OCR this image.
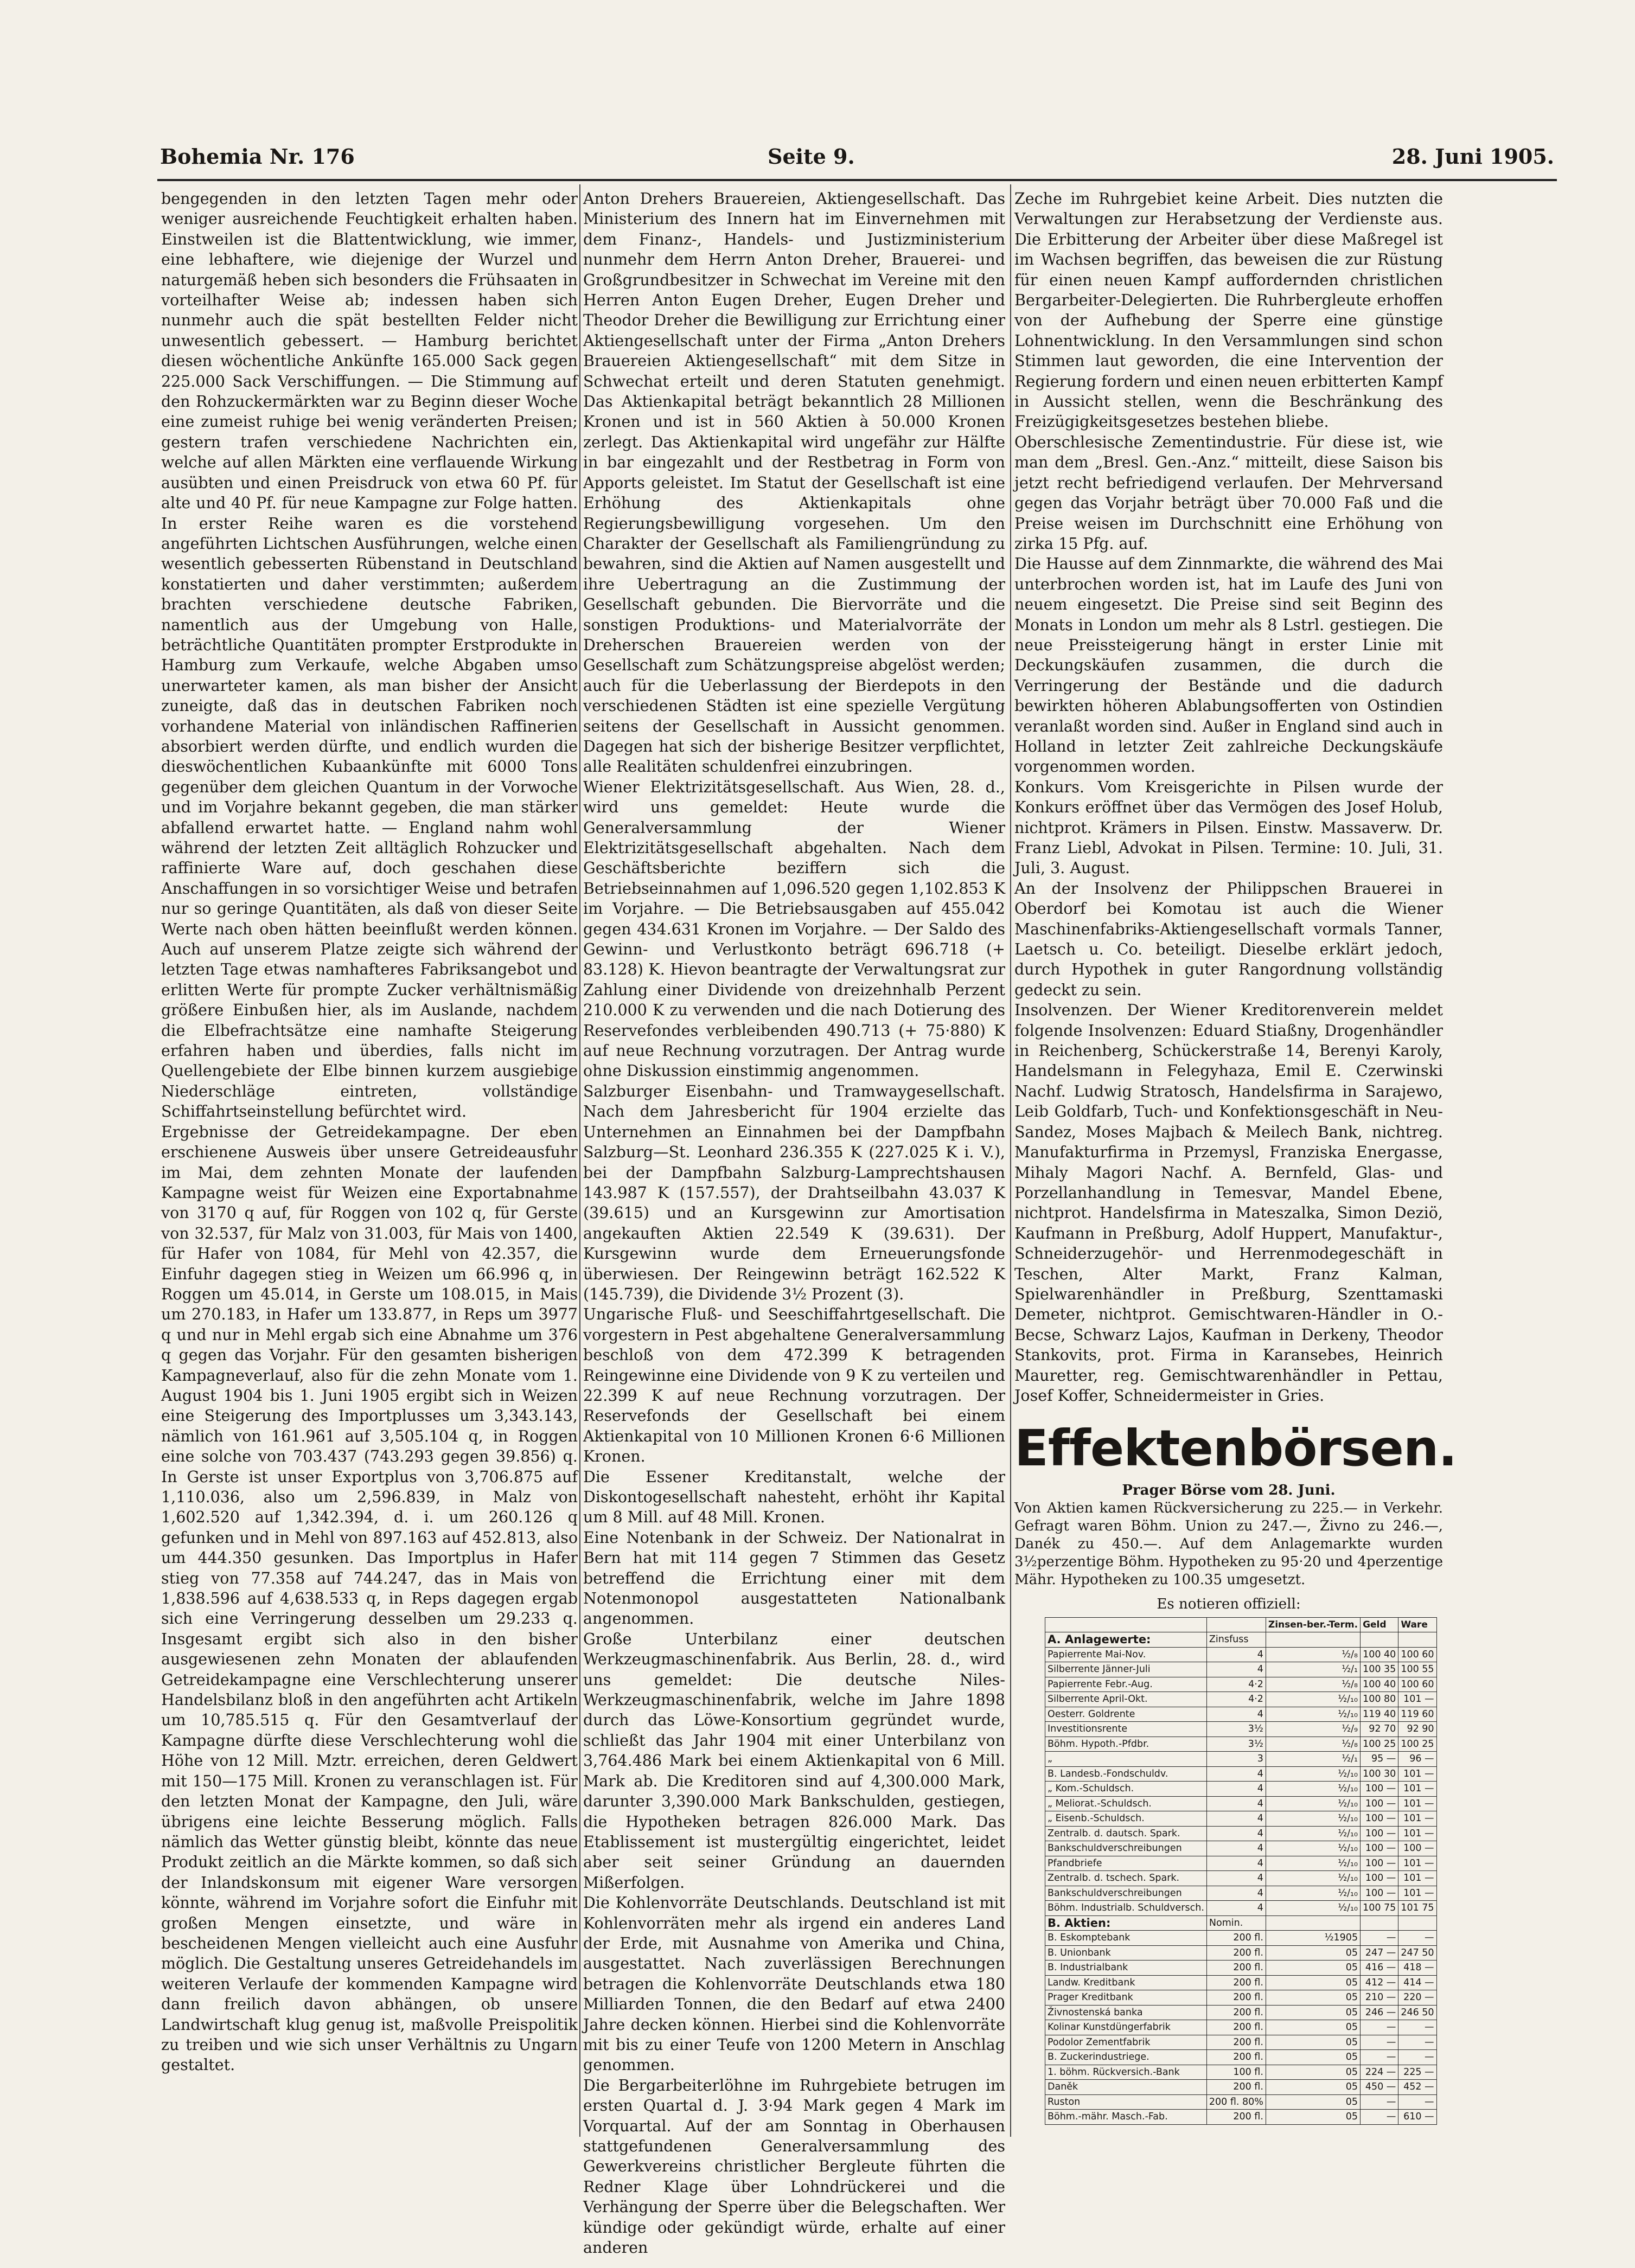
Bohemia Nr. 176	Seite 9.	28. Juni 1905.

bengegenden in den letzten Tagen mehr oder weniger ausreichende Feuchtigkeit erhalten haben. Einstweilen ist die Blattentwicklung, wie immer, eine lebhaftere, wie diejenige der Wurzel und naturgemäß heben sich besonders die Frühsaaten in vorteilhafter Weise ab; indessen haben sich nunmehr auch die spät bestellten Felder nicht unwesentlich gebessert. — Hamburg berichtet diesen wöchentliche Ankünfte 165.000 Sack gegen 225.000 Sack Verschiffungen. — Die Stimmung auf den Rohzuckermärkten war zu Beginn dieser Woche eine zumeist ruhige bei wenig veränderten Preisen; gestern trafen verschiedene Nachrichten ein, welche auf allen Märkten eine verflauende Wirkung ausübten und einen Preisdruck von etwa 60 Pf. für alte und 40 Pf. für neue Kampagne zur Folge hatten. In erster Reihe waren es die vorstehend angeführten Lichtschen Ausführungen, welche einen wesentlich gebesserten Rübenstand in Deutschland konstatierten und daher verstimmten; außerdem brachten verschiedene deutsche Fabriken, namentlich aus der Umgebung von Halle, beträchtliche Quantitäten prompter Erstprodukte in Hamburg zum Verkaufe, welche Abgaben umso unerwarteter kamen, als man bisher der Ansicht zuneigte, daß das in deutschen Fabriken noch vorhandene Material von inländischen Raffinerien absorbiert werden dürfte, und endlich wurden die dieswöchentlichen Kubaankünfte mit 6000 Tons gegenüber dem gleichen Quantum in der Vorwoche und im Vorjahre bekannt gegeben, die man stärker abfallend erwartet hatte. — England nahm wohl während der letzten Zeit alltäglich Rohzucker und raffinierte Ware auf, doch geschahen diese Anschaffungen in so vorsichtiger Weise und betrafen nur so geringe Quantitäten, als daß von dieser Seite Werte nach oben hätten beeinflußt werden können. Auch auf unserem Platze zeigte sich während der letzten Tage etwas namhafteres Fabriksangebot und erlitten Werte für prompte Zucker verhältnismäßig größere Einbußen hier, als im Auslande, nachdem die Elbefrachtsätze eine namhafte Steigerung erfahren haben und überdies, falls nicht im Quellengebiete der Elbe binnen kurzem ausgiebige Niederschläge eintreten, vollständige Schiffahrtseinstellung befürchtet wird.

Ergebnisse der Getreidekampagne. Der eben erschienene Ausweis über unsere Getreideausfuhr im Mai, dem zehnten Monate der laufenden Kampagne weist für Weizen eine Exportabnahme von 3170 q auf, für Roggen von 102 q, für Gerste von 32.537, für Malz von 31.003, für Mais von 1400, für Hafer von 1084, für Mehl von 42.357, die Einfuhr dagegen stieg in Weizen um 66.996 q, in Roggen um 45.014, in Gerste um 108.015, in Mais um 270.183, in Hafer um 133.877, in Reps um 3977 q und nur in Mehl ergab sich eine Abnahme um 376 q gegen das Vorjahr. Für den gesamten bisherigen Kampagneverlauf, also für die zehn Monate vom 1. August 1904 bis 1. Juni 1905 ergibt sich in Weizen eine Steigerung des Importplusses um 3,343.143, nämlich von 161.961 auf 3,505.104 q, in Roggen eine solche von 703.437 (743.293 gegen 39.856) q. In Gerste ist unser Exportplus von 3,706.875 auf 1,110.036, also um 2,596.839, in Malz von 1,602.520 auf 1,342.394, d. i. um 260.126 q gefunken und in Mehl von 897.163 auf 452.813, also um 444.350 gesunken. Das Importplus in Hafer stieg von 77.358 auf 744.247, das in Mais von 1,838.596 auf 4,638.533 q, in Reps dagegen ergab sich eine Verringerung desselben um 29.233 q. Insgesamt ergibt sich also in den bisher ausgewiesenen zehn Monaten der ablaufenden Getreidekampagne eine Verschlechterung unserer Handelsbilanz bloß in den angeführten acht Artikeln um 10,785.515 q. Für den Gesamtverlauf der Kampagne dürfte diese Verschlechterung wohl die Höhe von 12 Mill. Mztr. erreichen, deren Geldwert mit 150—175 Mill. Kronen zu veranschlagen ist. Für den letzten Monat der Kampagne, den Juli, wäre übrigens eine leichte Besserung möglich. Falls nämlich das Wetter günstig bleibt, könnte das neue Produkt zeitlich an die Märkte kommen, so daß sich der Inlandskonsum mit eigener Ware versorgen könnte, während im Vorjahre sofort die Einfuhr mit großen Mengen einsetzte, und wäre in bescheidenen Mengen vielleicht auch eine Ausfuhr möglich. Die Gestaltung unseres Getreidehandels im weiteren Verlaufe der kommenden Kampagne wird dann freilich davon abhängen, ob unsere Landwirtschaft klug genug ist, maßvolle Preispolitik zu treiben und wie sich unser Verhältnis zu Ungarn gestaltet.

Anton Drehers Brauereien, Aktiengesellschaft. Das Ministerium des Innern hat im Einvernehmen mit dem Finanz-, Handels- und Justizministerium nunmehr dem Herrn Anton Dreher, Brauerei- und Großgrundbesitzer in Schwechat im Vereine mit den Herren Anton Eugen Dreher, Eugen Dreher und Theodor Dreher die Bewilligung zur Errichtung einer Aktiengesellschaft unter der Firma „Anton Drehers Brauereien Aktiengesellschaft“ mit dem Sitze in Schwechat erteilt und deren Statuten genehmigt. Das Aktienkapital beträgt bekanntlich 28 Millionen Kronen und ist in 560 Aktien à 50.000 Kronen zerlegt. Das Aktienkapital wird ungefähr zur Hälfte in bar eingezahlt und der Restbetrag in Form von Apports geleistet. Im Statut der Gesellschaft ist eine Erhöhung des Aktienkapitals ohne Regierungsbewilligung vorgesehen. Um den Charakter der Gesellschaft als Familiengründung zu bewahren, sind die Aktien auf Namen ausgestellt und ihre Uebertragung an die Zustimmung der Gesellschaft gebunden. Die Biervorräte und die sonstigen Produktions- und Materialvorräte der Dreherschen Brauereien werden von der Gesellschaft zum Schätzungspreise abgelöst werden; auch für die Ueberlassung der Bierdepots in den verschiedenen Städten ist eine spezielle Vergütung seitens der Gesellschaft in Aussicht genommen. Dagegen hat sich der bisherige Besitzer verpflichtet, alle Realitäten schuldenfrei einzubringen.

Wiener Elektrizitätsgesellschaft. Aus Wien, 28. d., wird uns gemeldet: Heute wurde die Generalversammlung der Wiener Elektrizitätsgesellschaft abgehalten. Nach dem Geschäftsberichte beziffern sich die Betriebseinnahmen auf 1,096.520 gegen 1,102.853 K im Vorjahre. — Die Betriebsausgaben auf 455.042 gegen 434.631 Kronen im Vorjahre. — Der Saldo des Gewinn- und Verlustkonto beträgt 696.718 (+ 83.128) K. Hievon beantragte der Verwaltungsrat zur Zahlung einer Dividende von dreizehnhalb Perzent 210.000 K zu verwenden und die nach Dotierung des Reservefondes verbleibenden 490.713 (+ 75·880) K auf neue Rechnung vorzutragen. Der Antrag wurde ohne Diskussion einstimmig angenommen.

Salzburger Eisenbahn- und Tramwaygesellschaft. Nach dem Jahresbericht für 1904 erzielte das Unternehmen an Einnahmen bei der Dampfbahn Salzburg—St. Leonhard 236.355 K (227.025 K i. V.), bei der Dampfbahn Salzburg-Lamprechtshausen 143.987 K (157.557), der Drahtseilbahn 43.037 K (39.615) und an Kursgewinn zur Amortisation angekauften Aktien 22.549 K (39.631). Der Kursgewinn wurde dem Erneuerungsfonde überwiesen. Der Reingewinn beträgt 162.522 K (145.739), die Dividende 3½ Prozent (3).

Ungarische Fluß- und Seeschiffahrtgesellschaft. Die vorgestern in Pest abgehaltene Generalversammlung beschloß von dem 472.399 K betragenden Reingewinne eine Dividende von 9 K zu verteilen und 22.399 K auf neue Rechnung vorzutragen. Der Reservefonds der Gesellschaft bei einem Aktienkapital von 10 Millionen Kronen 6·6 Millionen Kronen.

Die Essener Kreditanstalt, welche der Diskontogesellschaft nahesteht, erhöht ihr Kapital um 8 Mill. auf 48 Mill. Kronen.

Eine Notenbank in der Schweiz. Der Nationalrat in Bern hat mit 114 gegen 7 Stimmen das Gesetz betreffend die Errichtung einer mit dem Notenmonopol ausgestatteten Nationalbank angenommen.

Große Unterbilanz einer deutschen Werkzeugmaschinenfabrik. Aus Berlin, 28. d., wird uns gemeldet: Die deutsche Niles-Werkzeugmaschinenfabrik, welche im Jahre 1898 durch das Löwe-Konsortium gegründet wurde, schließt das Jahr 1904 mit einer Unterbilanz von 3,764.486 Mark bei einem Aktienkapital von 6 Mill. Mark ab. Die Kreditoren sind auf 4,300.000 Mark, darunter 3,390.000 Mark Bankschulden, gestiegen, die Hypotheken betragen 826.000 Mark. Das Etablissement ist mustergültig eingerichtet, leidet aber seit seiner Gründung an dauernden Mißerfolgen.

Die Kohlenvorräte Deutschlands. Deutschland ist mit Kohlenvorräten mehr als irgend ein anderes Land der Erde, mit Ausnahme von Amerika und China, ausgestattet. Nach zuverlässigen Berechnungen betragen die Kohlenvorräte Deutschlands etwa 180 Milliarden Tonnen, die den Bedarf auf etwa 2400 Jahre decken können. Hierbei sind die Kohlenvorräte mit bis zu einer Teufe von 1200 Metern in Anschlag genommen.

Die Bergarbeiterlöhne im Ruhrgebiete betrugen im ersten Quartal d. J. 3·94 Mark gegen 4 Mark im Vorquartal. Auf der am Sonntag in Oberhausen stattgefundenen Generalversammlung des Gewerkvereins christlicher Bergleute führten die Redner Klage über Lohndrückerei und die Verhängung der Sperre über die Belegschaften. Wer kündige oder gekündigt würde, erhalte auf einer anderen

Zeche im Ruhrgebiet keine Arbeit. Dies nutzten die Verwaltungen zur Herabsetzung der Verdienste aus. Die Erbitterung der Arbeiter über diese Maßregel ist im Wachsen begriffen, das beweisen die zur Rüstung für einen neuen Kampf auffordernden christlichen Bergarbeiter-Delegierten. Die Ruhrbergleute erhoffen von der Aufhebung der Sperre eine günstige Lohnentwicklung. In den Versammlungen sind schon Stimmen laut geworden, die eine Intervention der Regierung fordern und einen neuen erbitterten Kampf in Aussicht stellen, wenn die Beschränkung des Freizügigkeitsgesetzes bestehen bliebe.

Oberschlesische Zementindustrie. Für diese ist, wie man dem „Bresl. Gen.-Anz.“ mitteilt, diese Saison bis jetzt recht befriedigend verlaufen. Der Mehrversand gegen das Vorjahr beträgt über 70.000 Faß und die Preise weisen im Durchschnitt eine Erhöhung von zirka 15 Pfg. auf.

Die Hausse auf dem Zinnmarkte, die während des Mai unterbrochen worden ist, hat im Laufe des Juni von neuem eingesetzt. Die Preise sind seit Beginn des Monats in London um mehr als 8 Lstrl. gestiegen. Die neue Preissteigerung hängt in erster Linie mit Deckungskäufen zusammen, die durch die Verringerung der Bestände und die dadurch bewirkten höheren Ablabungsofferten von Ostindien veranlaßt worden sind. Außer in England sind auch in Holland in letzter Zeit zahlreiche Deckungskäufe vorgenommen worden.

Konkurs. Vom Kreisgerichte in Pilsen wurde der Konkurs eröffnet über das Vermögen des Josef Holub, nichtprot. Krämers in Pilsen. Einstw. Massaverw. Dr. Franz Liebl, Advokat in Pilsen. Termine: 10. Juli, 31. Juli, 3. August.

An der Insolvenz der Philippschen Brauerei in Oberdorf bei Komotau ist auch die Wiener Maschinenfabriks-Aktiengesellschaft vormals Tanner, Laetsch u. Co. beteiligt. Dieselbe erklärt jedoch, durch Hypothek in guter Rangordnung vollständig gedeckt zu sein.

Insolvenzen. Der Wiener Kreditorenverein meldet folgende Insolvenzen: Eduard Stiaßny, Drogenhändler in Reichenberg, Schückerstraße 14, Berenyi Karoly, Handelsmann in Felegyhaza, Emil E. Czerwinski Nachf. Ludwig Stratosch, Handelsfirma in Sarajewo, Leib Goldfarb, Tuch- und Konfektionsgeschäft in Neu-Sandez, Moses Majbach & Meilech Bank, nichtreg. Manufakturfirma in Przemysl, Franziska Energasse, Mihaly Magori Nachf. A. Bernfeld, Glas- und Porzellanhandlung in Temesvar, Mandel Ebene, nichtprot. Handelsfirma in Mateszalka, Simon Deziö, Kaufmann in Preßburg, Adolf Huppert, Manufaktur-, Schneiderzugehör- und Herrenmodegeschäft in Teschen, Alter Markt, Franz Kalman, Spielwarenhändler in Preßburg, Szenttamaski Demeter, nichtprot. Gemischtwaren-Händler in O.-Becse, Schwarz Lajos, Kaufman in Derkeny, Theodor Stankovits, prot. Firma in Karansebes, Heinrich Mauretter, reg. Gemischtwarenhändler in Pettau, Josef Koffer, Schneidermeister in Gries.

Effektenbörsen.
Prager Börse vom 28. Juni.

Von Aktien kamen Rückversicherung zu 225.— in Verkehr. Gefragt waren Böhm. Union zu 247.—, Živno zu 246.—, Danék zu 450.—. Auf dem Anlagemarkte wurden 3½perzentige Böhm. Hypotheken zu 95·20 und 4perzentige Mähr. Hypotheken zu 100.35 umgesetzt.

Es notieren offiziell:
		Zinsen-ber.-Term.	Geld	Ware
A. Anlagewerte:	Zinsfuss			
Papierrente Mai-Nov.	4	½/₈	100 40	100 60
Silberrente Jänner-Juli	4	½/₁	100 35	100 55
Papierrente Febr.-Aug.	4·2	½/₈	100 40	100 60
Silberrente April-Okt.	4·2	½/₁₀	100 80	101 —
Oesterr. Goldrente	4	½/₁₀	119 40	119 60
Investitionsrente	3½	½/₉	92 70	92 90
Böhm. Hypoth.-Pfdbr.	3½	½/₈	100 25	100 25
„	3	½/₁	95 —	96 —
B. Landesb.-Fondschuldv.	4	½/₁₀	100 30	101 —
„ Kom.-Schuldsch.	4	½/₁₀	100 —	101 —
„ Meliorat.-Schuldsch.	4	½/₁₀	100 —	101 —
„ Eisenb.-Schuldsch.	4	½/₁₀	100 —	101 —
Zentralb. d. dautsch. Spark.	4	½/₁₀	100 —	101 —
Bankschuldverschreibungen	4	½/₁₀	100 —	100 —
Pfandbriefe	4	½/₁₀	100 —	101 —
Zentralb. d. tschech. Spark.	4	½/₁₀	100 —	101 —
Bankschuldverschreibungen	4	½/₁₀	100 —	101 —
Böhm. Industrialb. Schuldversch.	4	½/₁₀	100 75	101 75
B. Aktien:	Nomin.			
B. Eskomptebank	200 fl.	½1905	—	—
B. Unionbank	200 fl.	05	247 —	247 50
B. Industrialbank	200 fl.	05	416 —	418 —
Landw. Kreditbank	200 fl.	05	412 —	414 —
Prager Kreditbank	200 fl.	05	210 —	220 —
Živnostenská banka	200 fl.	05	246 —	246 50
Kolinar Kunstdüngerfabrik	200 fl.	05	—	—
Podolor Zementfabrik	200 fl.	05	—	—
B. Zuckerindustriege.	200 fl.	05	—	—
1. böhm. Rückversich.-Bank	100 fl.	05	224 —	225 —
Daněk	200 fl.	05	450 —	452 —
Ruston	200 fl. 80%	05	—	—
Böhm.-mähr. Masch.-Fab.	200 fl.	05	—	610 —
